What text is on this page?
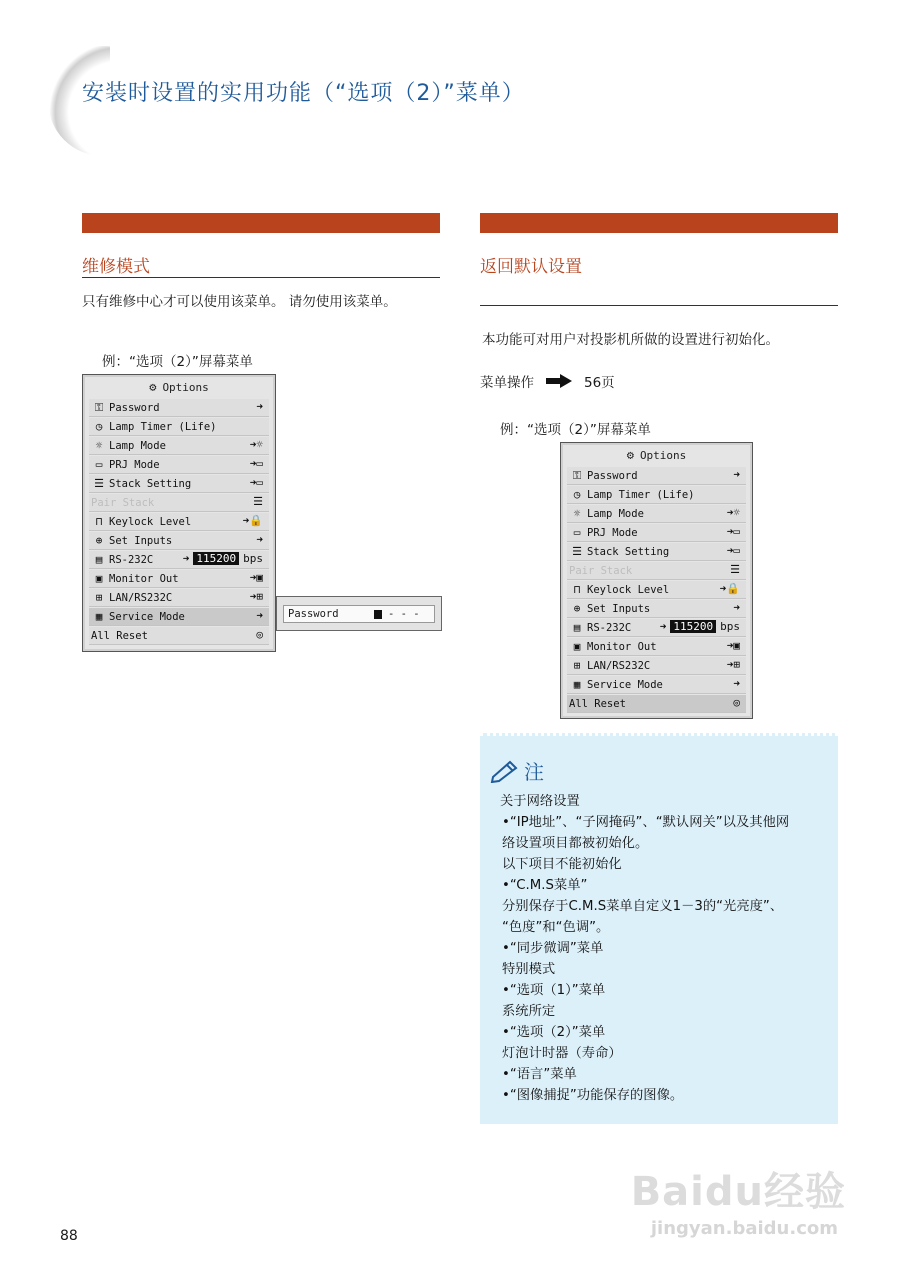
安装时设置的实用功能（“选项（2）”菜单）
维修模式
只有维修中心才可以使用该菜单。 请勿使用该菜单。
例：“选项（2）”屏幕菜单
⚙ Options
⚿ Password	➜
◷ Lamp Timer (Life)
☼ Lamp Mode	➜☼
▭ PRJ Mode	➜▭
☰ Stack Setting	➜▭
Pair Stack	☰
⊓ Keylock Level	➜🔒
⊕ Set Inputs	➜
▤ RS-232C	➜ 115200 bps
▣ Monitor Out	➜▣
⊞ LAN/RS232C	➜⊞
▦ Service Mode	➜
All Reset	◎
Password	- - -
返回默认设置
本功能可对用户对投影机所做的设置进行初始化。
菜单操作	56页
例：“选项（2）”屏幕菜单
⚙ Options
⚿ Password	➜
◷ Lamp Timer (Life)
☼ Lamp Mode	➜☼
▭ PRJ Mode	➜▭
☰ Stack Setting	➜▭
Pair Stack	☰
⊓ Keylock Level	➜🔒
⊕ Set Inputs	➜
▤ RS-232C	➜ 115200 bps
▣ Monitor Out	➜▣
⊞ LAN/RS232C	➜⊞
▦ Service Mode	➜
All Reset	◎
注
关于网络设置
•“IP地址”、“子网掩码”、“默认网关”以及其他网
络设置项目都被初始化。
以下项目不能初始化
•“C.M.S菜单”
分别保存于C.M.S菜单自定义1－3的“光亮度”、
“色度”和“色调”。
•“同步微调”菜单
特别模式
•“选项（1）”菜单
系统所定
•“选项（2）”菜单
灯泡计时器（寿命）
•“语言”菜单
•“图像捕捉”功能保存的图像。
88
Baidu经验
jingyan.baidu.com
